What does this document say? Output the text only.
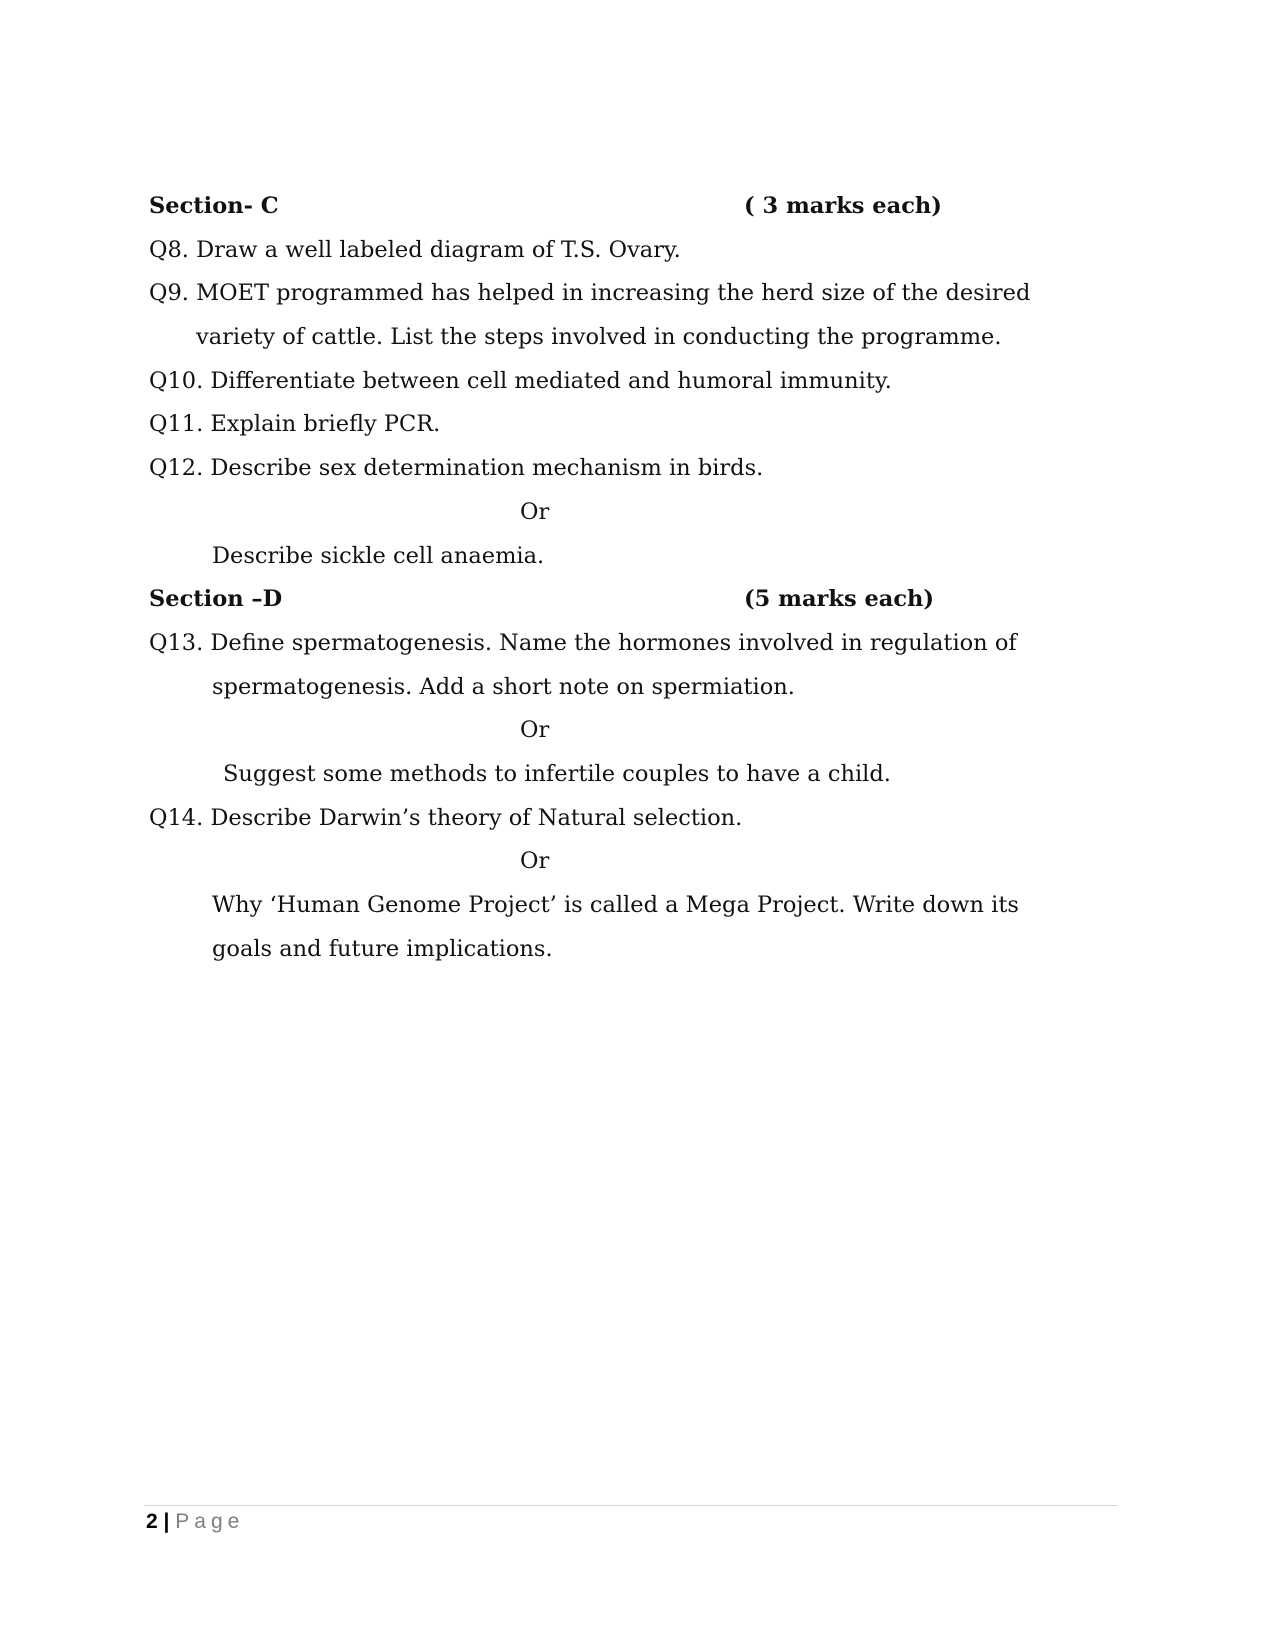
Section- C	( 3 marks each)
Q8. Draw a well labeled diagram of T.S. Ovary.
Q9. MOET programmed has helped in increasing the herd size of the desired
variety of cattle. List the steps involved in conducting the programme.
Q10. Differentiate between cell mediated and humoral immunity.
Q11. Explain briefly PCR.
Q12. Describe sex determination mechanism in birds.
Or
Describe sickle cell anaemia.
Section –D	(5 marks each)
Q13. Define spermatogenesis. Name the hormones involved in regulation of
spermatogenesis. Add a short note on spermiation.
Or
Suggest some methods to infertile couples to have a child.
Q14. Describe Darwin’s theory of Natural selection.
Or
Why ‘Human Genome Project’ is called a Mega Project. Write down its
goals and future implications.
2 | Page
